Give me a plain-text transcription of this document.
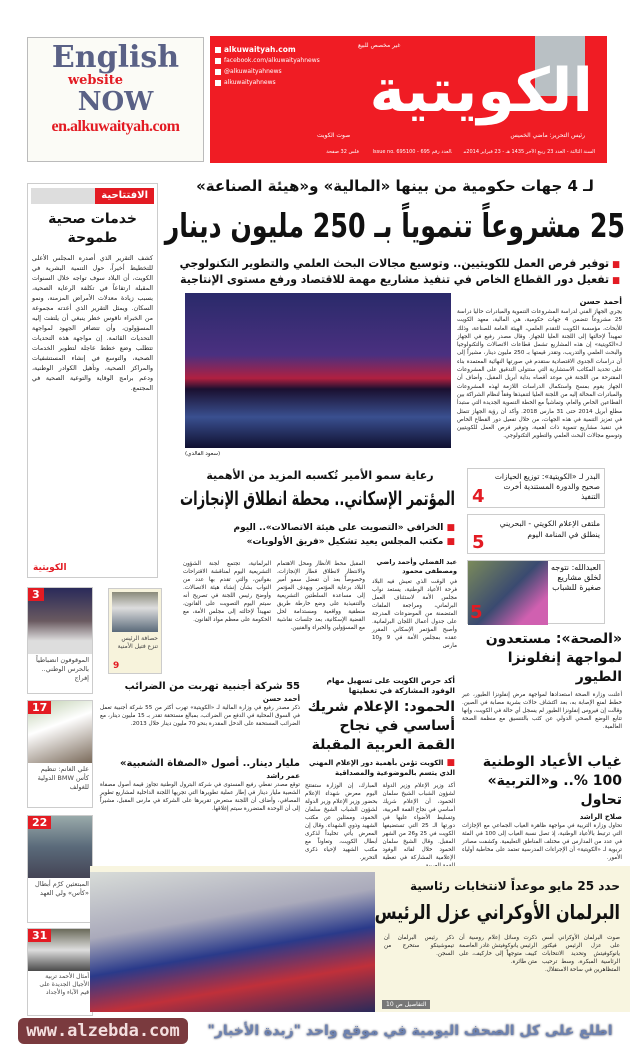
English
website
NOW
en.alkuwaityah.com
الكويتية
alkuwaityah.com
facebook.com/alkuwaityahnews
@alkuwaityahnews
alkuwaityahnews
غير مخصص للبيع
رئيس التحرير: ماضي الخميس
صوت الكويت
السنة الثالثة - العدد 23 ربيع الآخر 1435 هـ - 23 فبراير 2014مالعدد رقم 695 - Issue no. 695100 فلس 32 صفحة
لـ 4 جهات حكومية من بينها «المالية» و«هيئة الصناعة»
25 مشروعاً تنموياً بـ 250 مليون دينار
■ توفير فرص العمل للكويتيين.. وتوسيع مجالات البحث العلمي والتطوير التكنولوجي
■ تفعيل دور القطاع الخاص في تنفيذ مشاريع مهمة للاقتصاد ورفع مستوى الإنتاجية
(سعود الفالدي)
أحمد حسن
يجري الجهاز الفني لدراسة المشروعات التنموية والمبادرات حاليا دراسة 25 مشروعاً تتضمن 4 جهات حكومية، هي المالية، معهد الكويت للأبحاث، مؤسسة الكويت للتقدم العلمي، الهيئة العامة للصناعة، وذلك تمهيداً لإحالتها إلى اللجنة العليا للجهاز. وقال مصدر رفيع في الجهاز لـ«الكويتية» إن هذه المشاريع تشمل قطاعات الاتصالات والتكنولوجيا والبحث العلمي والتدريب، وتقدر قيمتها بـ 250 مليون دينار، مشيراً إلى أن دراسات الجدوى الاقتصادية ستقدم في صورتها النهائية المعتمدة بناء على تحديد المكاتب الاستشارية التي ستتولى التدقيق على المشروعات المقترحة من اللجنة في موعد أقصاه بداية أبريل المقبل. وأضاف أن الجهاز يقوم بمسح واستكمال الدراسات اللازمة لهذه المشروعات والمبادرات المحالة إليه من اللجنة العليا لتنفيذها وفقاً لنظام الشراكة بين القطاعين الخاص والعام، وتماشياً مع الخطة التنموية الجديدة التي ستبدأ مطلع أبريل 2014 حتى 31 مارس 2018. وأكد أن رؤية الجهاز تتمثل في تعزيز التنمية في هذه الجهات، من خلال تفعيل دور القطاع الخاص في تنفيذ مشاريع تنموية ذات أهمية، وتوفير فرص العمل للكويتيين وتوسيع مجالات البحث العلمي والتطوير التكنولوجي.
الافتتاحية
خدمات صحية طموحة
كشف التقرير الذي أصدره المجلس الأعلى للتخطيط أخيراً، حول التنمية البشرية في الكويت، أن البلاد سوف تواجه خلال السنوات المقبلة ارتفاعاً في تكلفة الرعاية الصحية، بسبب زيادة معدلات الأمراض المزمنة، ونمو السكان. ويمثل التقرير الذي أعدته مجموعة من الخبراء ناقوس خطر ينبغي أن يلتفت إليه المسؤولون، وأن تتضافر الجهود لمواجهة التحديات القائمة. إن مواجهة هذه التحديات تتطلب وضع خطط عاجلة لتطوير الخدمات الصحية، والتوسع في إنشاء المستشفيات والمراكز الصحية، وتأهيل الكوادر الوطنية، ودعم برامج الوقاية والتوعية الصحية في المجتمع.
الكويتية
رعاية سمو الأمير تُكسبه المزيد من الأهمية
المؤتمر الإسكاني.. محطة انطلاق الإنجازات
■ الخرافي «التصويت على هيئة الاتصالات».. اليوم
■ مكتب المجلس يعيد تشكيل «فريق الأولويات»
عبد الفضلي وأحمد راضي ومصطفى محمود
في الوقت الذي تعيش فيه البلاد فرحة الأعياد الوطنية، يستعد نواب مجلس الأمة لاستئناف العمل البرلماني، ومراجعة الملفات المتضمنة من الموضوعات المدرجة على جدول أعمال اللجان البرلمانية. وأصبح المؤتمر الإسكاني المقرر عقده بمجلس الأمة في 9 و10 مارس
المقبل محط الأنظار ومحل الاهتمام والانتظار لانطلاق قطار الإنجازات، وخصوصاً بعد أن تفضل سمو أمير البلاد برعاية المؤتمر. ويهدف المؤتمر إلى مساعدة السلطتين التشريعية والتنفيذية على وضع خارطة طريق منطقية وواقعية ومستدامة لحل القضية الإسكانية، بعد جلسات نقاشية مع المسؤولين والخبراء والفنيين.
البرلمانية، تجتمع لجنة الشؤون التشريعية اليوم لمناقشة الاقتراحات بقوانين، والتي تقدم بها عدد من النواب بشأن إنشاء هيئة الاتصالات. وأوضح رئيس اللجنة في تصريح أنه سيتم اليوم التصويت على القانون، تمهيداً لإحالته إلى مجلس الأمة، مع الحكومة على معظم مواد القانون.
البدر لـ «الكويتية»: توزيع الحيازات صحيح والدورة المستندية أخرت التنفيذ
4
ملتقى الإعلام الكويتي - البحريني ينطلق في المنامة اليوم
5
العبدالله: نتوجه لخلق مشاريع صغيرة للشباب
5
3
الموقوفون انضباطياً بالحرس الوطني.. إفراج
حصافة الرئيس تنزع فتيل الأمنية
9
17
علي الغانم: تنظيم كأس BMW الدولية للغولف
22
المبتعثين كرّم أبطال «كأس» ولي العهد
31
أمثال الأحمد تربية الأجيال الجديدة على قيم الآباء والأجداد
55 شركة أجنبية تهربت من الضرائب
أحمد حسن
ذكر مصدر رفيع في وزارة المالية لـ «الكويتية» تهرب أكثر من 55 شركة أجنبية تعمل في السوق المحلية في الدفع من الضرائب، بمبالغ مستحقة تقدر بـ 15 مليون دينار، مع الضرائب المستحقة على الدخل المقدرة بنحو 70 مليون دينار خلال 2013.
مليار دينار.. أصول «الصفاة الشعبية»
عمر راشد
توقع مصدر نفطي رفيع المستوى في شركة البترول الوطنية تجاوز قيمة أصول مصفاة الشعبية مليار دينار في إطار عملية تطويرها التي تجريها اللجنة الداخلية لمشاريع تطوير المصافي، وأضاف أن اللجنة ستعرض تقريرها على الشركة في مارس المقبل، مشيراً إلى أن الوحدة المتضررة سيتم إغلاقها.
أكد حرص الكويت على تسهيل مهام الوفود المشاركة في تغطيتها
الحمود: الإعلام شريك أساسي في نجاح القمة العربية المقبلة
■ الكويت تؤمن بأهمية دور الإعلام المهني الذي يتسم بالموضوعية والمصداقية
أكد وزير الإعلام وزير الدولة لشؤون الشباب الشيخ سلمان الحمود، أن الإعلام شريك أساسي في نجاح القمة العربية، وتسليط الأضواء عليها في دورتها الـ 25 التي تستضيفها الكويت في 25 و26 من الشهر المقبل. وقال الشيخ سلمان الحمود خلال لقائه الوفود الإعلامية المشاركة في تغطية
المبارك، إن الوزارة ستفتتح اليوم معرض شهداء الإعلام بحضور وزير الإعلام وزير الدولة لشؤون الشباب الشيخ سلمان الحمود، وممثلين عن مكتب الشهيد وذوي الشهداء. وقال إن المعرض يأتي تخليداً لذكرى أبطال الكويت، وتعاوناً مع مكتب الشهيد لإحياء ذكرى التحرير.
«الصحة»: مستعدون لمواجهة إنفلونزا الطيور
أعلنت وزارة الصحة استعدادها لمواجهة مرض إنفلونزا الطيور، عبر خطط لمنع الإصابة به، بعد اكتشاف حالات بشرية مصابة في الصين. وقالت إن فيروس إنفلونزا الطيور لم يسجل أي حالة في الكويت، وإنها تتابع الوضع الصحي الدولي عن كثب بالتنسيق مع منظمة الصحة العالمية.
غياب الأعياد الوطنية 100 %.. و«التربية» تحاول
صلاح الراشد
تحاول وزارة التربية في مواجهة ظاهرة الغياب الجماعي مع الإجازات التي ترتبط بالأعياد الوطنية، إذ تصل نسبة الغياب إلى 100 في المئة في عدد من المدارس في مختلف المناطق التعليمية. وكشفت مصادر تربوية لـ «الكويتية» أن الإجراءات المدرسية تعتمد على مخاطبة أولياء الأمور.
حدد 25 مايو موعداً لانتخابات رئاسية
البرلمان الأوكراني عزل الرئيس
صوت البرلمان الأوكراني أمس على عزل الرئيس فيكتور يانوكوفيتش وتحديد الانتخابات الرئاسية المبكرة، وسط ترحيب المتظاهرين في ساحة الاستقلال.
ذكرت وسائل إعلام روسية أن الرئيس يانوكوفيتش غادر العاصمة كييف متوجهاً إلى خاركيف، على متن طائرة.
ذكر رئيس البرلمان أن تيموشينكو ستخرج من السجن.
التفاصيل ص 10
www.alzebda.com	اطلع على كل الصحف اليومية في موقع واحد "زبدة الأخبار"
